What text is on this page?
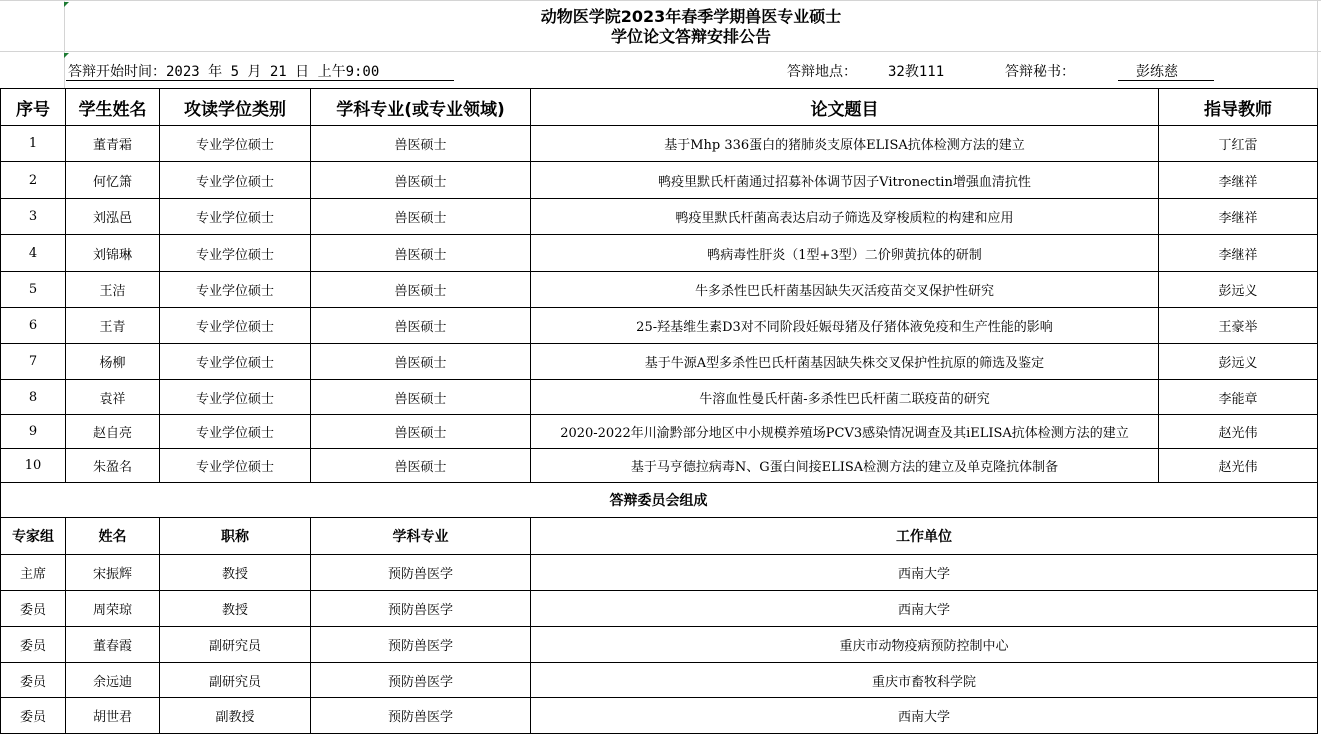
动物医学院2023年春季学期兽医专业硕士
学位论文答辩安排公告
答辩开始时间：2023 年 5 月 21 日 上午9:00	答辩地点：	32教111	答辩秘书：	彭练慈
序号	学生姓名	攻读学位类别	学科专业(或专业领域)	论文题目	指导教师
1	董青霜	专业学位硕士	兽医硕士	基于Mhp 336蛋白的猪肺炎支原体ELISA抗体检测方法的建立	丁红雷
2	何忆箫	专业学位硕士	兽医硕士	鸭疫里默氏杆菌通过招募补体调节因子Vitronectin增强血清抗性	李继祥
3	刘泓邑	专业学位硕士	兽医硕士	鸭疫里默氏杆菌高表达启动子筛选及穿梭质粒的构建和应用	李继祥
4	刘锦琳	专业学位硕士	兽医硕士	鸭病毒性肝炎（1型+3型）二价卵黄抗体的研制	李继祥
5	王洁	专业学位硕士	兽医硕士	牛多杀性巴氏杆菌基因缺失灭活疫苗交叉保护性研究	彭远义
6	王青	专业学位硕士	兽医硕士	25-羟基维生素D3对不同阶段妊娠母猪及仔猪体液免疫和生产性能的影响	王豪举
7	杨柳	专业学位硕士	兽医硕士	基于牛源A型多杀性巴氏杆菌基因缺失株交叉保护性抗原的筛选及鉴定	彭远义
8	袁祥	专业学位硕士	兽医硕士	牛溶血性曼氏杆菌-多杀性巴氏杆菌二联疫苗的研究	李能章
9	赵自亮	专业学位硕士	兽医硕士	2020-2022年川渝黔部分地区中小规模养殖场PCV3感染情况调查及其iELISA抗体检测方法的建立	赵光伟
10	朱盈名	专业学位硕士	兽医硕士	基于马亨德拉病毒N、G蛋白间接ELISA检测方法的建立及单克隆抗体制备	赵光伟
答辩委员会组成
专家组	姓名	职称	学科专业	工作单位
主席	宋振辉	教授	预防兽医学	西南大学
委员	周荣琼	教授	预防兽医学	西南大学
委员	董春霞	副研究员	预防兽医学	重庆市动物疫病预防控制中心
委员	余远迪	副研究员	预防兽医学	重庆市畜牧科学院
委员	胡世君	副教授	预防兽医学	西南大学
